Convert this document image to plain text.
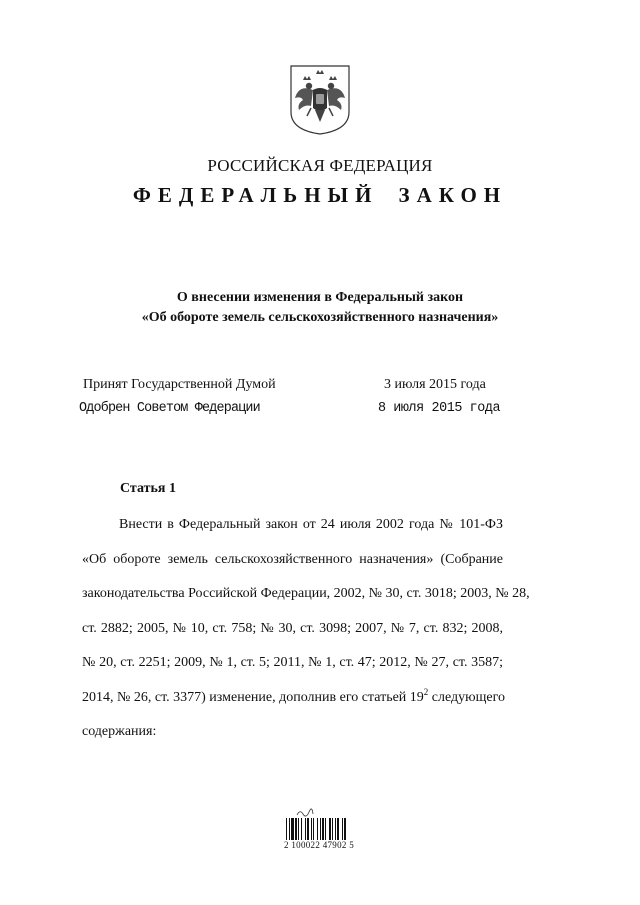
РОССИЙСКАЯ ФЕДЕРАЦИЯ
ФЕДЕРАЛЬНЫЙ ЗАКОН
О внесении изменения в Федеральный закон
«Об обороте земель сельскохозяйственного назначения»
Принят Государственной Думой	3 июля 2015 года
Одобрен Советом Федерации	8 июля 2015 года
Статья 1
Внести в Федеральный закон от 24 июля 2002 года № 101-ФЗ
«Об обороте земель сельскохозяйственного назначения» (Собрание
законодательства Российской Федерации, 2002, № 30, ст. 3018; 2003, № 28,
ст. 2882; 2005, № 10, ст. 758; № 30, ст. 3098; 2007, № 7, ст. 832; 2008,
№ 20, ст. 2251; 2009, № 1, ст. 5; 2011, № 1, ст. 47; 2012, № 27, ст. 3587;
2014, № 26, ст. 3377) изменение, дополнив его статьей $19^2$ следующего
содержания:
2 100022 47902 5
